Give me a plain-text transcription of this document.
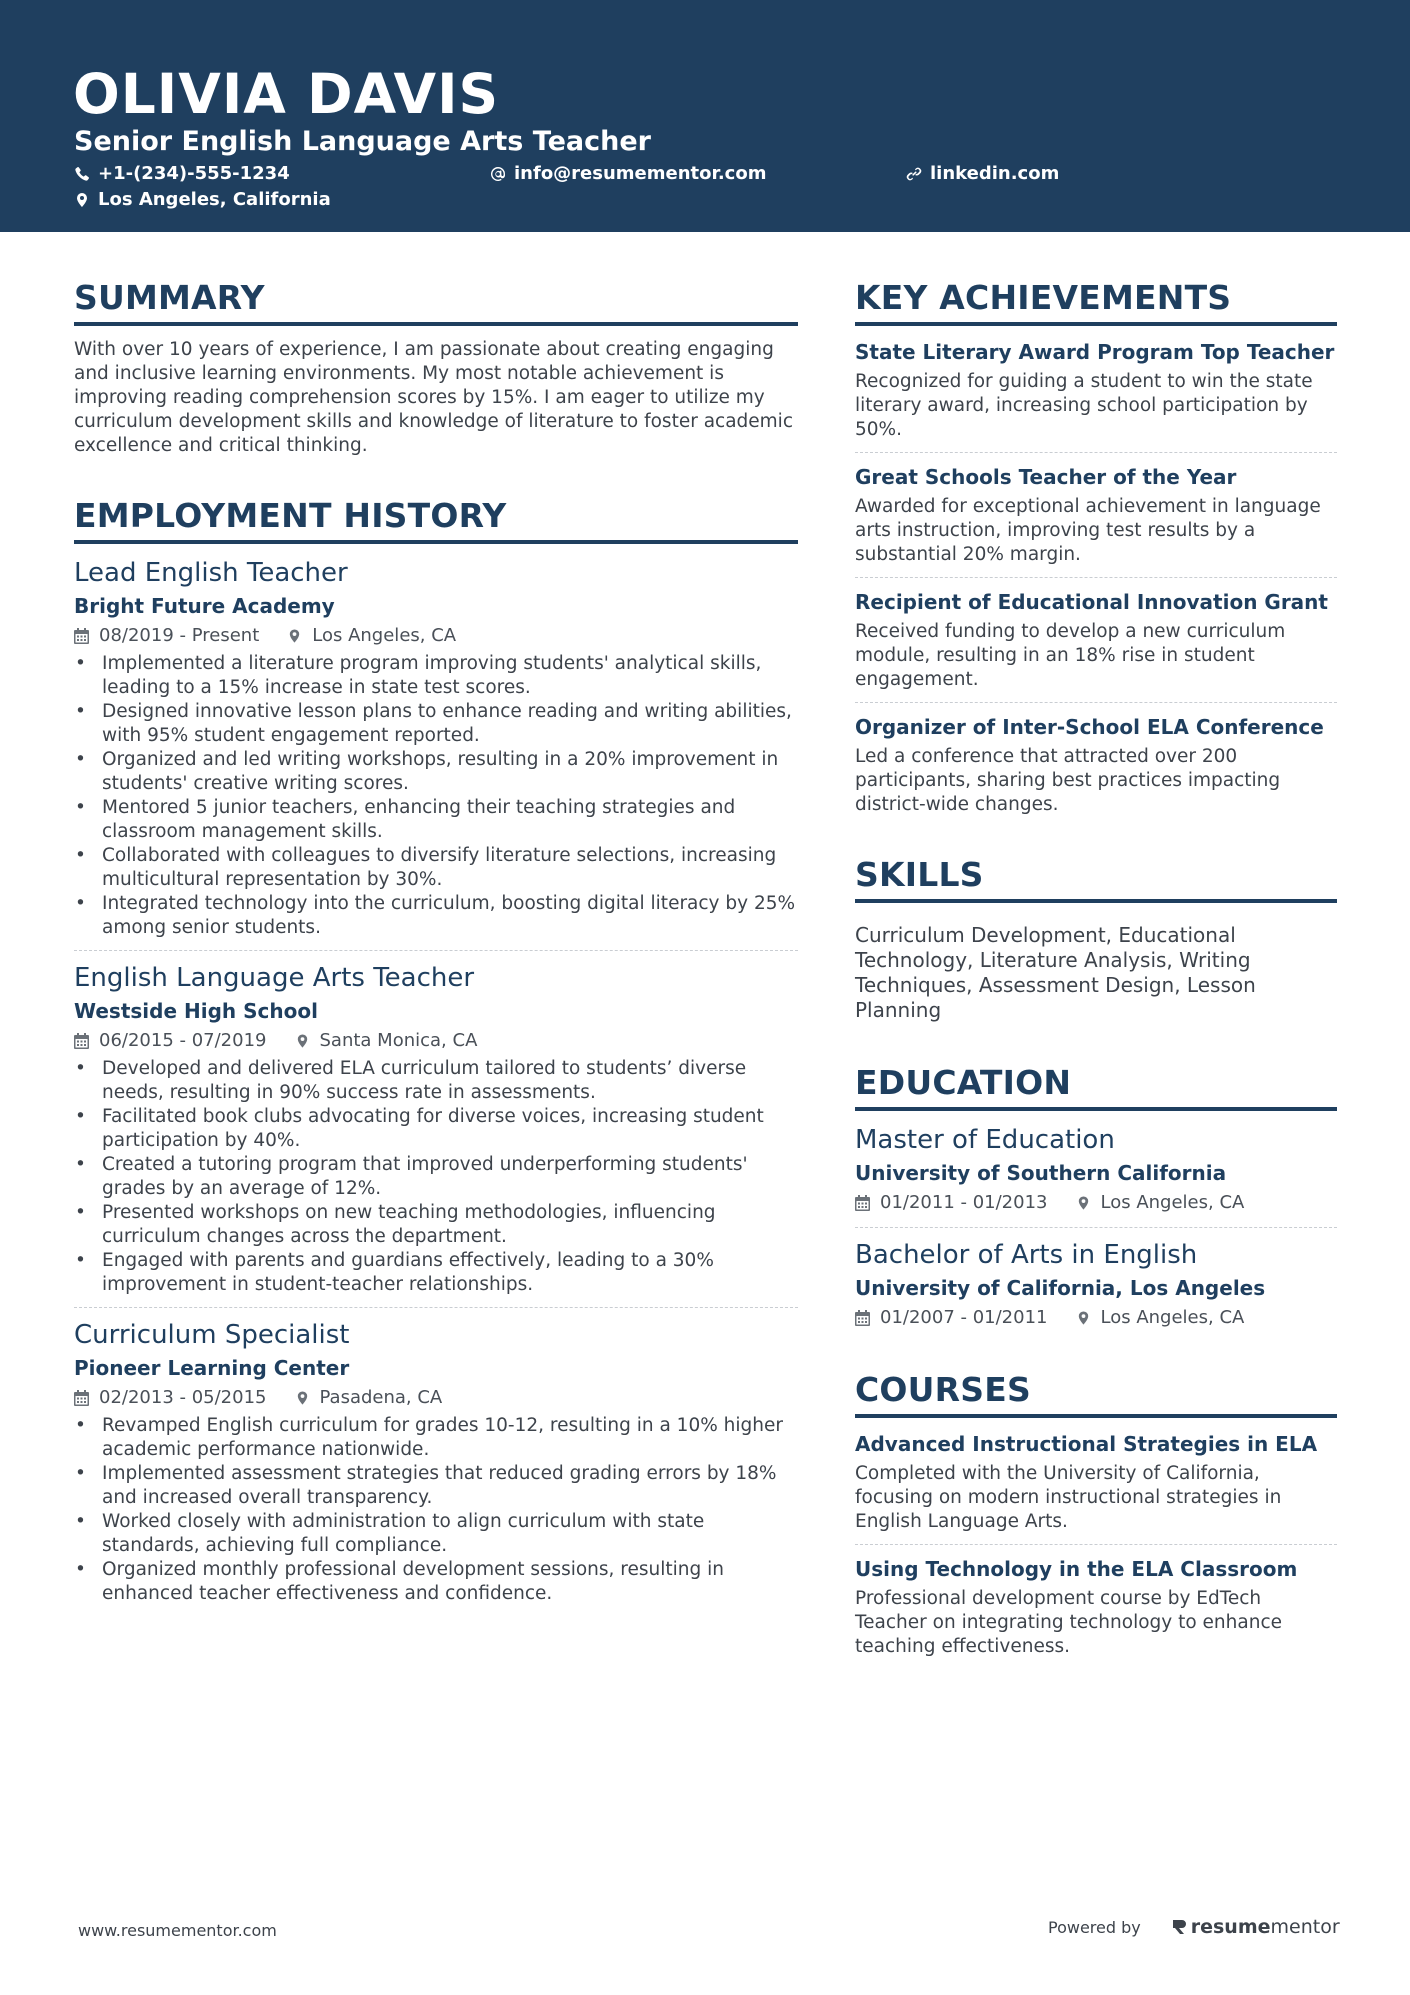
OLIVIA DAVIS
Senior English Language Arts Teacher
+1-(234)-555-1234	info@resumementor.com	linkedin.com
Los Angeles, California
SUMMARY
With over 10 years of experience, I am passionate about creating engaging and inclusive learning environments. My most notable achievement is improving reading comprehension scores by 15%. I am eager to utilize my curriculum development skills and knowledge of literature to foster academic excellence and critical thinking.
EMPLOYMENT HISTORY
Lead English Teacher
Bright Future Academy
08/2019 - Present	Los Angeles, CA
• Implemented a literature program improving students' analytical skills, leading to a 15% increase in state test scores.
• Designed innovative lesson plans to enhance reading and writing abilities, with 95% student engagement reported.
• Organized and led writing workshops, resulting in a 20% improvement in students' creative writing scores.
• Mentored 5 junior teachers, enhancing their teaching strategies and classroom management skills.
• Collaborated with colleagues to diversify literature selections, increasing multicultural representation by 30%.
• Integrated technology into the curriculum, boosting digital literacy by 25% among senior students.
English Language Arts Teacher
Westside High School
06/2015 - 07/2019	Santa Monica, CA
• Developed and delivered ELA curriculum tailored to students’ diverse needs, resulting in 90% success rate in assessments.
• Facilitated book clubs advocating for diverse voices, increasing student participation by 40%.
• Created a tutoring program that improved underperforming students' grades by an average of 12%.
• Presented workshops on new teaching methodologies, influencing curriculum changes across the department.
• Engaged with parents and guardians effectively, leading to a 30% improvement in student-teacher relationships.
Curriculum Specialist
Pioneer Learning Center
02/2013 - 05/2015	Pasadena, CA
• Revamped English curriculum for grades 10-12, resulting in a 10% higher academic performance nationwide.
• Implemented assessment strategies that reduced grading errors by 18% and increased overall transparency.
• Worked closely with administration to align curriculum with state standards, achieving full compliance.
• Organized monthly professional development sessions, resulting in enhanced teacher effectiveness and confidence.
KEY ACHIEVEMENTS
State Literary Award Program Top Teacher
Recognized for guiding a student to win the state literary award, increasing school participation by 50%.
Great Schools Teacher of the Year
Awarded for exceptional achievement in language arts instruction, improving test results by a substantial 20% margin.
Recipient of Educational Innovation Grant
Received funding to develop a new curriculum module, resulting in an 18% rise in student engagement.
Organizer of Inter-School ELA Conference
Led a conference that attracted over 200 participants, sharing best practices impacting district-wide changes.
SKILLS
Curriculum Development, Educational Technology, Literature Analysis, Writing Techniques, Assessment Design, Lesson Planning
EDUCATION
Master of Education
University of Southern California
01/2011 - 01/2013	Los Angeles, CA
Bachelor of Arts in English
University of California, Los Angeles
01/2007 - 01/2011	Los Angeles, CA
COURSES
Advanced Instructional Strategies in ELA
Completed with the University of California, focusing on modern instructional strategies in English Language Arts.
Using Technology in the ELA Classroom
Professional development course by EdTech Teacher on integrating technology to enhance teaching effectiveness.
www.resumementor.com	Powered by	resume mentor
